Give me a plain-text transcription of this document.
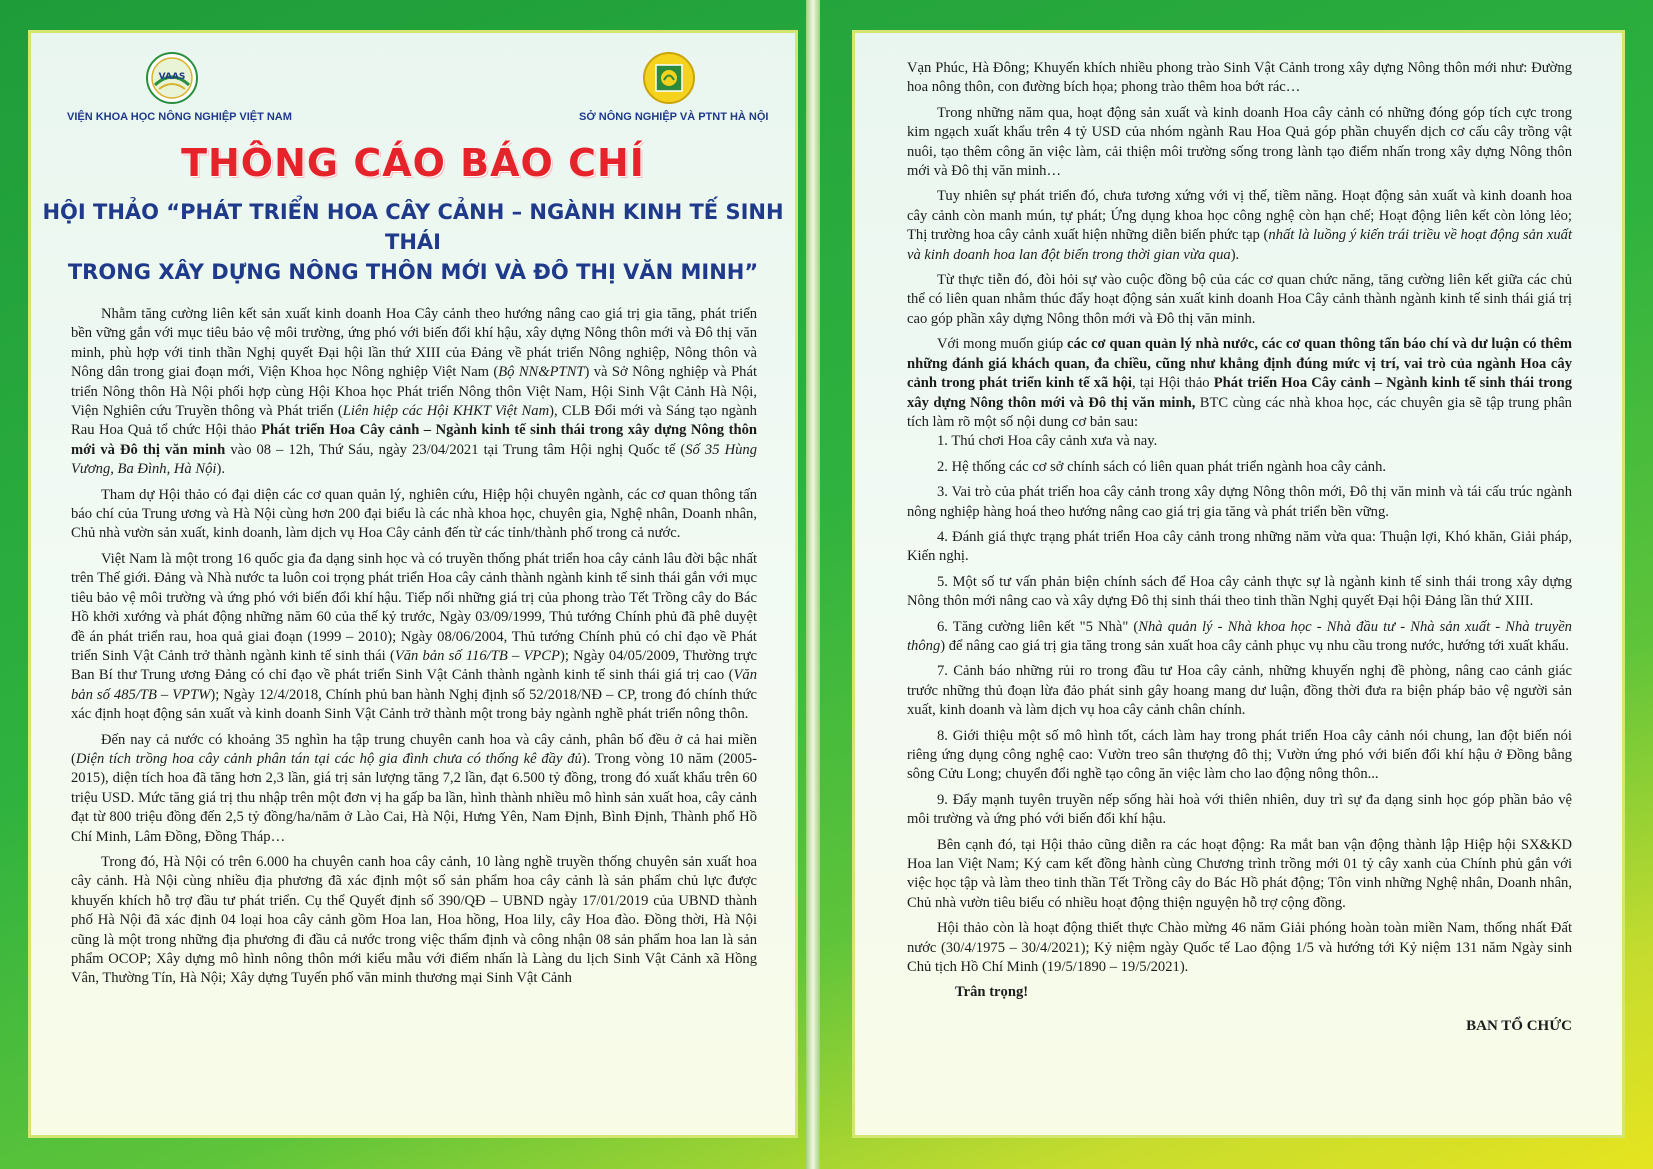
VAAS
VIỆN KHOA HỌC NÔNG NGHIỆP VIỆT NAM	SỞ NÔNG NGHIỆP VÀ PTNT HÀ NỘI
THÔNG CÁO BÁO CHÍ
HỘI THẢO “PHÁT TRIỂN HOA CÂY CẢNH – NGÀNH KINH TẾ SINH THÁI
TRONG XÂY DỰNG NÔNG THÔN MỚI VÀ ĐÔ THỊ VĂN MINH”

Nhằm tăng cường liên kết sản xuất kinh doanh Hoa Cây cảnh theo hướng nâng cao giá trị gia tăng, phát triển bền vững gắn với mục tiêu bảo vệ môi trường, ứng phó với biến đổi khí hậu, xây dựng Nông thôn mới và Đô thị văn minh, phù hợp với tinh thần Nghị quyết Đại hội lần thứ XIII của Đảng về phát triển Nông nghiệp, Nông thôn và Nông dân trong giai đoạn mới, Viện Khoa học Nông nghiệp Việt Nam (Bộ NN&PTNT) và Sở Nông nghiệp và Phát triển Nông thôn Hà Nội phối hợp cùng Hội Khoa học Phát triển Nông thôn Việt Nam, Hội Sinh Vật Cảnh Hà Nội, Viện Nghiên cứu Truyền thông và Phát triển (Liên hiệp các Hội KHKT Việt Nam), CLB Đổi mới và Sáng tạo ngành Rau Hoa Quả tổ chức Hội thảo Phát triển Hoa Cây cảnh – Ngành kinh tế sinh thái trong xây dựng Nông thôn mới và Đô thị văn minh vào 08 – 12h, Thứ Sáu, ngày 23/04/2021 tại Trung tâm Hội nghị Quốc tế (Số 35 Hùng Vương, Ba Đình, Hà Nội).

Tham dự Hội thảo có đại diện các cơ quan quản lý, nghiên cứu, Hiệp hội chuyên ngành, các cơ quan thông tấn báo chí của Trung ương và Hà Nội cùng hơn 200 đại biểu là các nhà khoa học, chuyên gia, Nghệ nhân, Doanh nhân, Chủ nhà vườn sản xuất, kinh doanh, làm dịch vụ Hoa Cây cảnh đến từ các tỉnh/thành phố trong cả nước.

Việt Nam là một trong 16 quốc gia đa dạng sinh học và có truyền thống phát triển hoa cây cảnh lâu đời bậc nhất trên Thế giới. Đảng và Nhà nước ta luôn coi trọng phát triển Hoa cây cảnh thành ngành kinh tế sinh thái gắn với mục tiêu bảo vệ môi trường và ứng phó với biến đổi khí hậu. Tiếp nối những giá trị của phong trào Tết Trồng cây do Bác Hồ khởi xướng và phát động những năm 60 của thế kỷ trước, Ngày 03/09/1999, Thủ tướng Chính phủ đã phê duyệt đề án phát triển rau, hoa quả giai đoạn (1999 – 2010); Ngày 08/06/2004, Thủ tướng Chính phủ có chỉ đạo về Phát triển Sinh Vật Cảnh trở thành ngành kinh tế sinh thái (Văn bản số 116/TB – VPCP); Ngày 04/05/2009, Thường trực Ban Bí thư Trung ương Đảng có chỉ đạo về phát triển Sinh Vật Cảnh thành ngành kinh tế sinh thái giá trị cao (Văn bản số 485/TB – VPTW); Ngày 12/4/2018, Chính phủ ban hành Nghị định số 52/2018/NĐ – CP, trong đó chính thức xác định hoạt động sản xuất và kinh doanh Sinh Vật Cảnh trở thành một trong bảy ngành nghề phát triển nông thôn.

Đến nay cả nước có khoảng 35 nghìn ha tập trung chuyên canh hoa và cây cảnh, phân bố đều ở cả hai miền (Diện tích trồng hoa cây cảnh phân tán tại các hộ gia đình chưa có thống kê đầy đủ). Trong vòng 10 năm (2005-2015), diện tích hoa đã tăng hơn 2,3 lần, giá trị sản lượng tăng 7,2 lần, đạt 6.500 tỷ đồng, trong đó xuất khẩu trên 60 triệu USD. Mức tăng giá trị thu nhập trên một đơn vị ha gấp ba lần, hình thành nhiều mô hình sản xuất hoa, cây cảnh đạt từ 800 triệu đồng đến 2,5 tỷ đồng/ha/năm ở Lào Cai, Hà Nội, Hưng Yên, Nam Định, Bình Định, Thành phố Hồ Chí Minh, Lâm Đồng, Đồng Tháp…

Trong đó, Hà Nội có trên 6.000 ha chuyên canh hoa cây cảnh, 10 làng nghề truyền thống chuyên sản xuất hoa cây cảnh. Hà Nội cùng nhiều địa phương đã xác định một số sản phẩm hoa cây cảnh là sản phẩm chủ lực được khuyến khích hỗ trợ đầu tư phát triển. Cụ thể Quyết định số 390/QĐ – UBND ngày 17/01/2019 của UBND thành phố Hà Nội đã xác định 04 loại hoa cây cảnh gồm Hoa lan, Hoa hồng, Hoa lily, cây Hoa đào. Đồng thời, Hà Nội cũng là một trong những địa phương đi đầu cả nước trong việc thẩm định và công nhận 08 sản phẩm hoa lan là sản phẩm OCOP; Xây dựng mô hình nông thôn mới kiểu mẫu với điểm nhấn là Làng du lịch Sinh Vật Cảnh xã Hồng Vân, Thường Tín, Hà Nội; Xây dựng Tuyến phố văn minh thương mại Sinh Vật Cảnh

Vạn Phúc, Hà Đông; Khuyến khích nhiều phong trào Sinh Vật Cảnh trong xây dựng Nông thôn mới như: Đường hoa nông thôn, con đường bích họa; phong trào thêm hoa bớt rác…

Trong những năm qua, hoạt động sản xuất và kinh doanh Hoa cây cảnh có những đóng góp tích cực trong kim ngạch xuất khẩu trên 4 tỷ USD của nhóm ngành Rau Hoa Quả góp phần chuyển dịch cơ cấu cây trồng vật nuôi, tạo thêm công ăn việc làm, cải thiện môi trường sống trong lành tạo điểm nhấn trong xây dựng Nông thôn mới và Đô thị văn minh…

Tuy nhiên sự phát triển đó, chưa tương xứng với vị thế, tiềm năng. Hoạt động sản xuất và kinh doanh hoa cây cảnh còn manh mún, tự phát; Ứng dụng khoa học công nghệ còn hạn chế; Hoạt động liên kết còn lỏng lẻo; Thị trường hoa cây cảnh xuất hiện những diễn biến phức tạp (nhất là luồng ý kiến trái triều về hoạt động sản xuất và kinh doanh hoa lan đột biến trong thời gian vừa qua).

Từ thực tiễn đó, đòi hỏi sự vào cuộc đồng bộ của các cơ quan chức năng, tăng cường liên kết giữa các chủ thể có liên quan nhằm thúc đẩy hoạt động sản xuất kinh doanh Hoa Cây cảnh thành ngành kinh tế sinh thái giá trị cao góp phần xây dựng Nông thôn mới và Đô thị văn minh.

Với mong muốn giúp các cơ quan quản lý nhà nước, các cơ quan thông tấn báo chí và dư luận có thêm những đánh giá khách quan, đa chiều, cũng như khẳng định đúng mức vị trí, vai trò của ngành Hoa cây cảnh trong phát triển kinh tế xã hội, tại Hội thảo Phát triển Hoa Cây cảnh – Ngành kinh tế sinh thái trong xây dựng Nông thôn mới và Đô thị văn minh, BTC cùng các nhà khoa học, các chuyên gia sẽ tập trung phân tích làm rõ một số nội dung cơ bản sau:

1. Thú chơi Hoa cây cảnh xưa và nay.

2. Hệ thống các cơ sở chính sách có liên quan phát triển ngành hoa cây cảnh.

3. Vai trò của phát triển hoa cây cảnh trong xây dựng Nông thôn mới, Đô thị văn minh và tái cấu trúc ngành nông nghiệp hàng hoá theo hướng nâng cao giá trị gia tăng và phát triển bền vững.

4. Đánh giá thực trạng phát triển Hoa cây cảnh trong những năm vừa qua: Thuận lợi, Khó khăn, Giải pháp, Kiến nghị.

5. Một số tư vấn phản biện chính sách để Hoa cây cảnh thực sự là ngành kinh tế sinh thái trong xây dựng Nông thôn mới nâng cao và xây dựng Đô thị sinh thái theo tinh thần Nghị quyết Đại hội Đảng lần thứ XIII.

6. Tăng cường liên kết "5 Nhà" (Nhà quản lý - Nhà khoa học - Nhà đầu tư - Nhà sản xuất - Nhà truyền thông) để nâng cao giá trị gia tăng trong sản xuất hoa cây cảnh phục vụ nhu cầu trong nước, hướng tới xuất khẩu.

7. Cảnh báo những rủi ro trong đầu tư Hoa cây cảnh, những khuyến nghị đề phòng, nâng cao cảnh giác trước những thủ đoạn lừa đảo phát sinh gây hoang mang dư luận, đồng thời đưa ra biện pháp bảo vệ người sản xuất, kinh doanh và làm dịch vụ hoa cây cảnh chân chính.

8. Giới thiệu một số mô hình tốt, cách làm hay trong phát triển Hoa cây cảnh nói chung, lan đột biến nói riêng ứng dụng công nghệ cao: Vườn treo sân thượng đô thị; Vườn ứng phó với biến đổi khí hậu ở Đồng bằng sông Cửu Long; chuyển đổi nghề tạo công ăn việc làm cho lao động nông thôn...

9. Đẩy mạnh tuyên truyền nếp sống hài hoà với thiên nhiên, duy trì sự đa dạng sinh học góp phần bảo vệ môi trường và ứng phó với biến đổi khí hậu.

Bên cạnh đó, tại Hội thảo cũng diễn ra các hoạt động: Ra mắt ban vận động thành lập Hiệp hội SX&KD Hoa lan Việt Nam; Ký cam kết đồng hành cùng Chương trình trồng mới 01 tỷ cây xanh của Chính phủ gắn với việc học tập và làm theo tinh thần Tết Trồng cây do Bác Hồ phát động; Tôn vinh những Nghệ nhân, Doanh nhân, Chủ nhà vườn tiêu biểu có nhiều hoạt động thiện nguyện hỗ trợ cộng đồng.

Hội thảo còn là hoạt động thiết thực Chào mừng 46 năm Giải phóng hoàn toàn miền Nam, thống nhất Đất nước (30/4/1975 – 30/4/2021); Kỷ niệm ngày Quốc tế Lao động 1/5 và hướng tới Kỷ niệm 131 năm Ngày sinh Chủ tịch Hồ Chí Minh (19/5/1890 – 19/5/2021).

Trân trọng!

BAN TỔ CHỨC
